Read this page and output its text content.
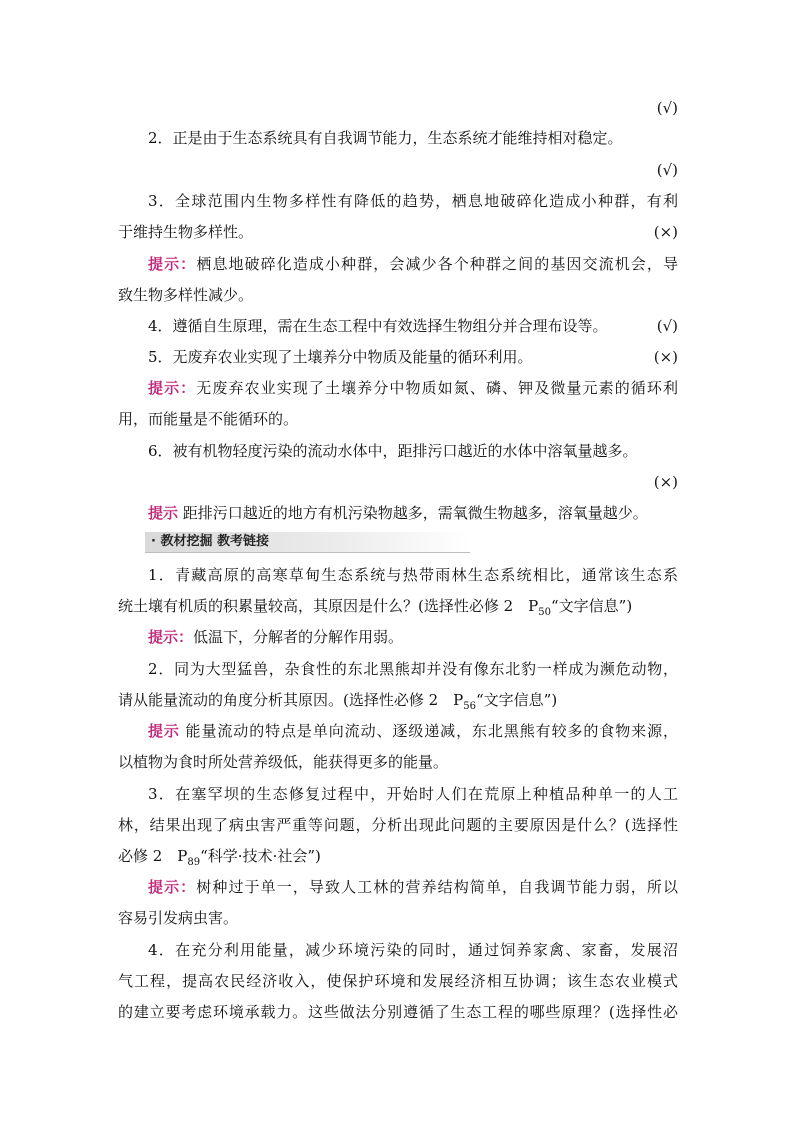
(√)
2．正是由于生态系统具有自我调节能力，生态系统才能维持相对稳定。
(√)
3．全球范围内生物多样性有降低的趋势，栖息地破碎化造成小种群，有利
于维持生物多样性。	(×)
提示：栖息地破碎化造成小种群，会减少各个种群之间的基因交流机会，导
致生物多样性减少。
4．遵循自生原理，需在生态工程中有效选择生物组分并合理布设等。	(√)
5．无废弃农业实现了土壤养分中物质及能量的循环利用。	(×)
提示：无废弃农业实现了土壤养分中物质如氮、磷、钾及微量元素的循环利
用，而能量是不能循环的。
6．被有机物轻度污染的流动水体中，距排污口越近的水体中溶氧量越多。
(×)
提示 距排污口越近的地方有机污染物越多，需氧微生物越多，溶氧量越少。
· 教材挖掘 教考链接
1．青藏高原的高寒草甸生态系统与热带雨林生态系统相比，通常该生态系
统土壤有机质的积累量较高，其原因是什么？(选择性必修 2　$P_{50}“$文字信息”)
提示：低温下，分解者的分解作用弱。
2．同为大型猛兽，杂食性的东北黑熊却并没有像东北豹一样成为濒危动物，
请从能量流动的角度分析其原因。(选择性必修 2　$P_{56}“$文字信息”)
提示 能量流动的特点是单向流动、逐级递减，东北黑熊有较多的食物来源，
以植物为食时所处营养级低，能获得更多的能量。
3．在塞罕坝的生态修复过程中，开始时人们在荒原上种植品种单一的人工
林，结果出现了病虫害严重等问题，分析出现此问题的主要原因是什么？(选择性
必修 2　$P_{89}“$科学·技术·社会”)
提示：树种过于单一，导致人工林的营养结构简单，自我调节能力弱，所以
容易引发病虫害。
4．在充分利用能量，减少环境污染的同时，通过饲养家禽、家畜，发展沼
气工程，提高农民经济收入，使保护环境和发展经济相互协调；该生态农业模式
的建立要考虑环境承载力。这些做法分别遵循了生态工程的哪些原理？(选择性必
